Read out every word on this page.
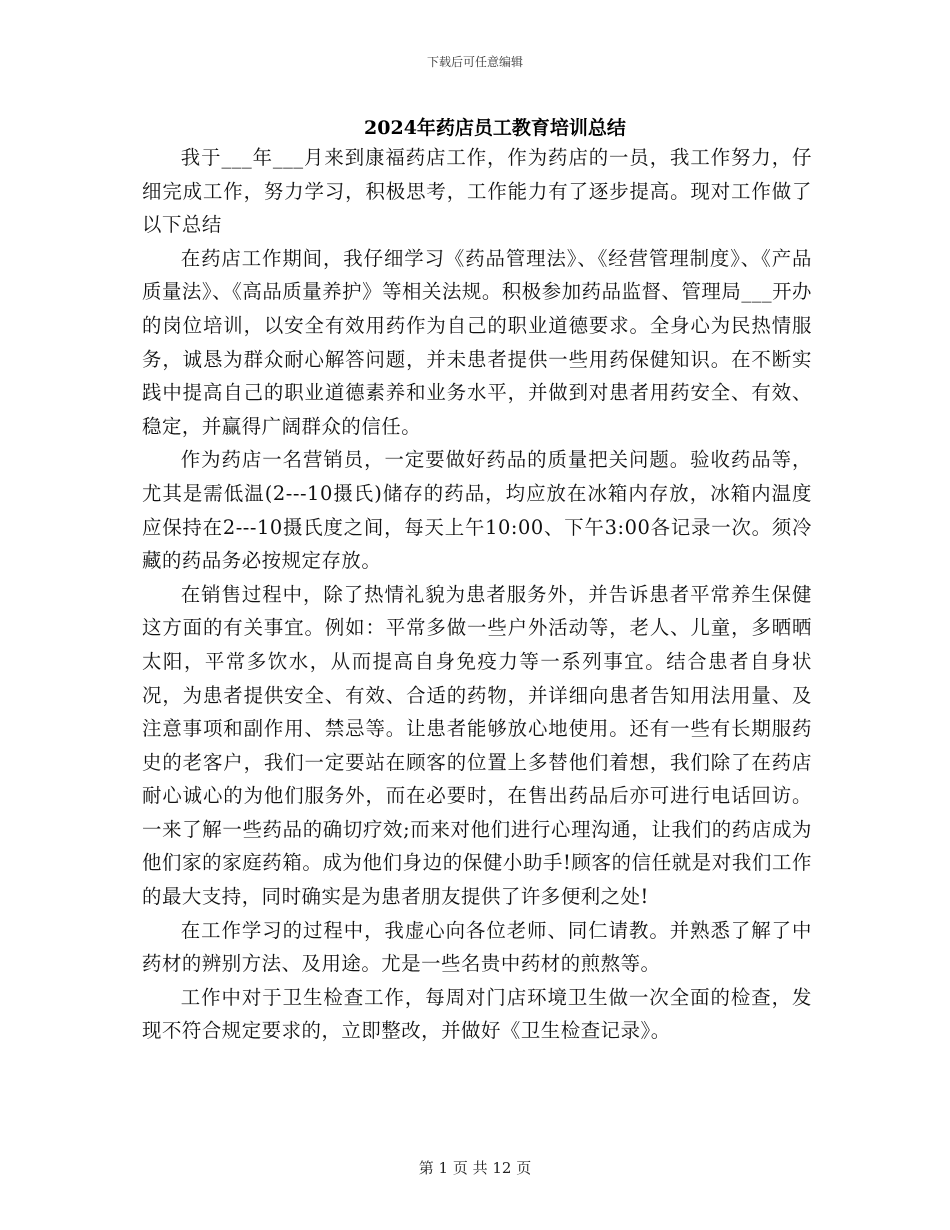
下载后可任意编辑
2024年药店员工教育培训总结

我于___年___月来到康福药店工作，作为药店的一员，我工作努力，仔细完成工作，努力学习，积极思考，工作能力有了逐步提高。现对工作做了以下总结

在药店工作期间，我仔细学习《药品管理法》、《经营管理制度》、《产品质量法》、《高品质量养护》等相关法规。积极参加药品监督、管理局___开办的岗位培训，以安全有效用药作为自己的职业道德要求。全身心为民热情服务，诚恳为群众耐心解答问题，并未患者提供一些用药保健知识。在不断实践中提高自己的职业道德素养和业务水平，并做到对患者用药安全、有效、稳定，并赢得广阔群众的信任。

作为药店一名营销员，一定要做好药品的质量把关问题。验收药品等，尤其是需低温(2---10摄氏)储存的药品，均应放在冰箱内存放，冰箱内温度应保持在2---10摄氏度之间，每天上午10:00、下午3:00各记录一次。须冷藏的药品务必按规定存放。

在销售过程中，除了热情礼貌为患者服务外，并告诉患者平常养生保健这方面的有关事宜。例如：平常多做一些户外活动等，老人、儿童，多晒晒太阳，平常多饮水，从而提高自身免疫力等一系列事宜。结合患者自身状况，为患者提供安全、有效、合适的药物，并详细向患者告知用法用量、及注意事项和副作用、禁忌等。让患者能够放心地使用。还有一些有长期服药史的老客户，我们一定要站在顾客的位置上多替他们着想，我们除了在药店耐心诚心的为他们服务外，而在必要时，在售出药品后亦可进行电话回访。一来了解一些药品的确切疗效;而来对他们进行心理沟通，让我们的药店成为他们家的家庭药箱。成为他们身边的保健小助手!顾客的信任就是对我们工作的最大支持，同时确实是为患者朋友提供了许多便利之处!

在工作学习的过程中，我虚心向各位老师、同仁请教。并熟悉了解了中药材的辨别方法、及用途。尤是一些名贵中药材的煎熬等。

工作中对于卫生检查工作，每周对门店环境卫生做一次全面的检查，发现不符合规定要求的，立即整改，并做好《卫生检查记录》。

第 1 页 共 12 页
